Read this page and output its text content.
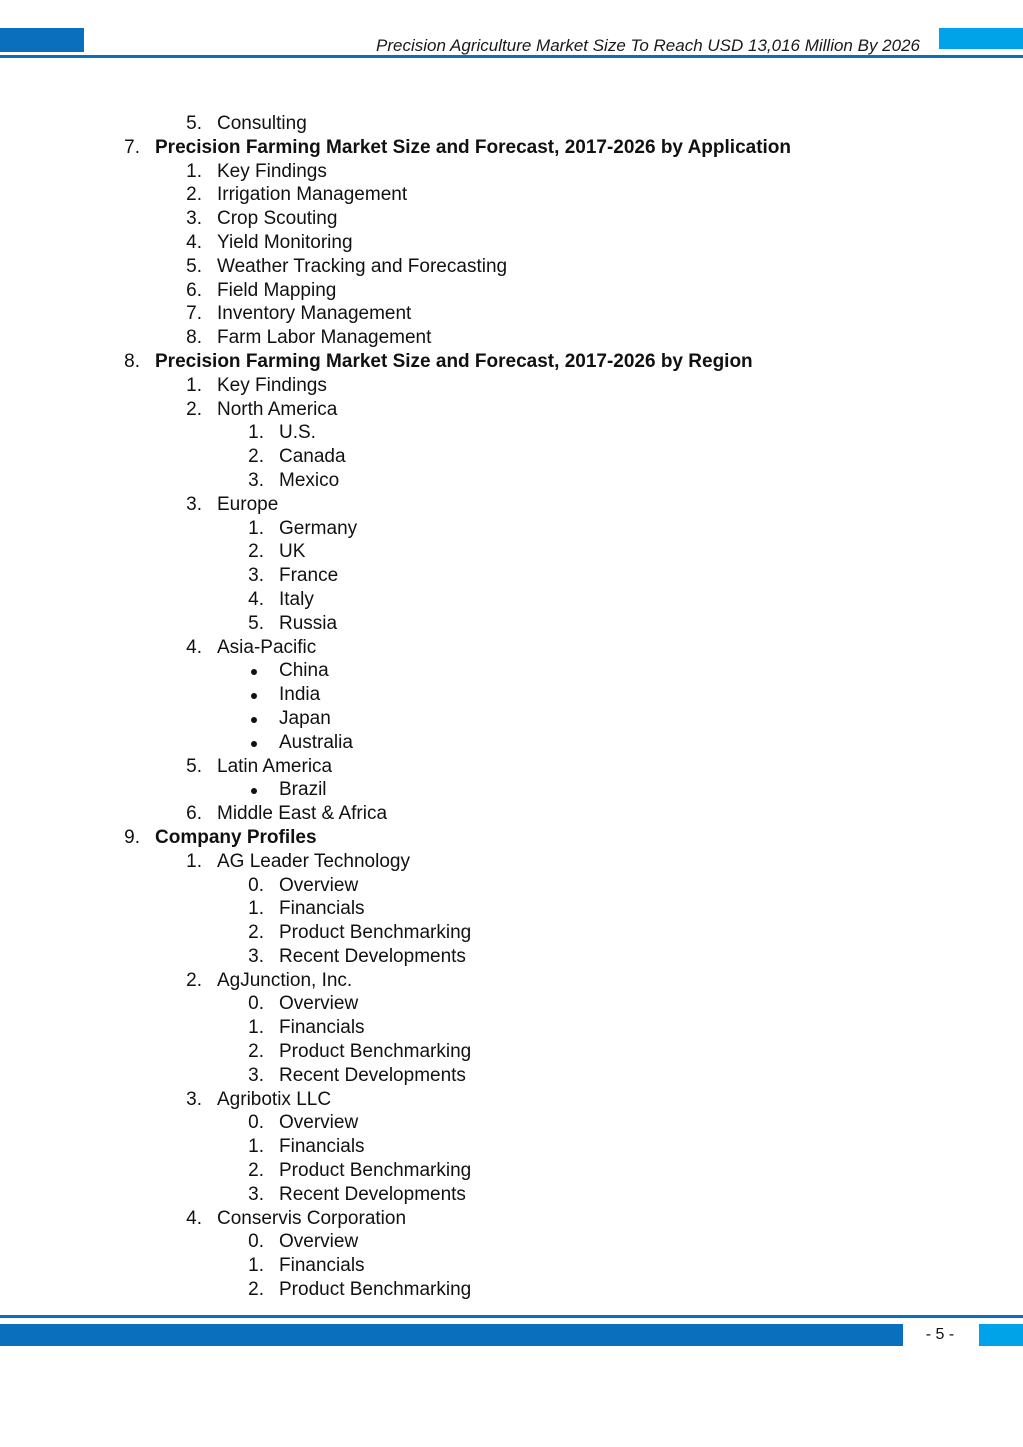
Precision Agriculture Market Size To Reach USD 13,016 Million By 2026
5. Consulting
7. Precision Farming Market Size and Forecast, 2017-2026 by Application
1. Key Findings
2. Irrigation Management
3. Crop Scouting
4. Yield Monitoring
5. Weather Tracking and Forecasting
6. Field Mapping
7. Inventory Management
8. Farm Labor Management
8. Precision Farming Market Size and Forecast, 2017-2026 by Region
1. Key Findings
2. North America
1. U.S.
2. Canada
3. Mexico
3. Europe
1. Germany
2. UK
3. France
4. Italy
5. Russia
4. Asia-Pacific
China
India
Japan
Australia
5. Latin America
Brazil
6. Middle East & Africa
9. Company Profiles
1. AG Leader Technology
0. Overview
1. Financials
2. Product Benchmarking
3. Recent Developments
2. AgJunction, Inc.
0. Overview
1. Financials
2. Product Benchmarking
3. Recent Developments
3. Agribotix LLC
0. Overview
1. Financials
2. Product Benchmarking
3. Recent Developments
4. Conservis Corporation
0. Overview
1. Financials
2. Product Benchmarking
- 5 -
